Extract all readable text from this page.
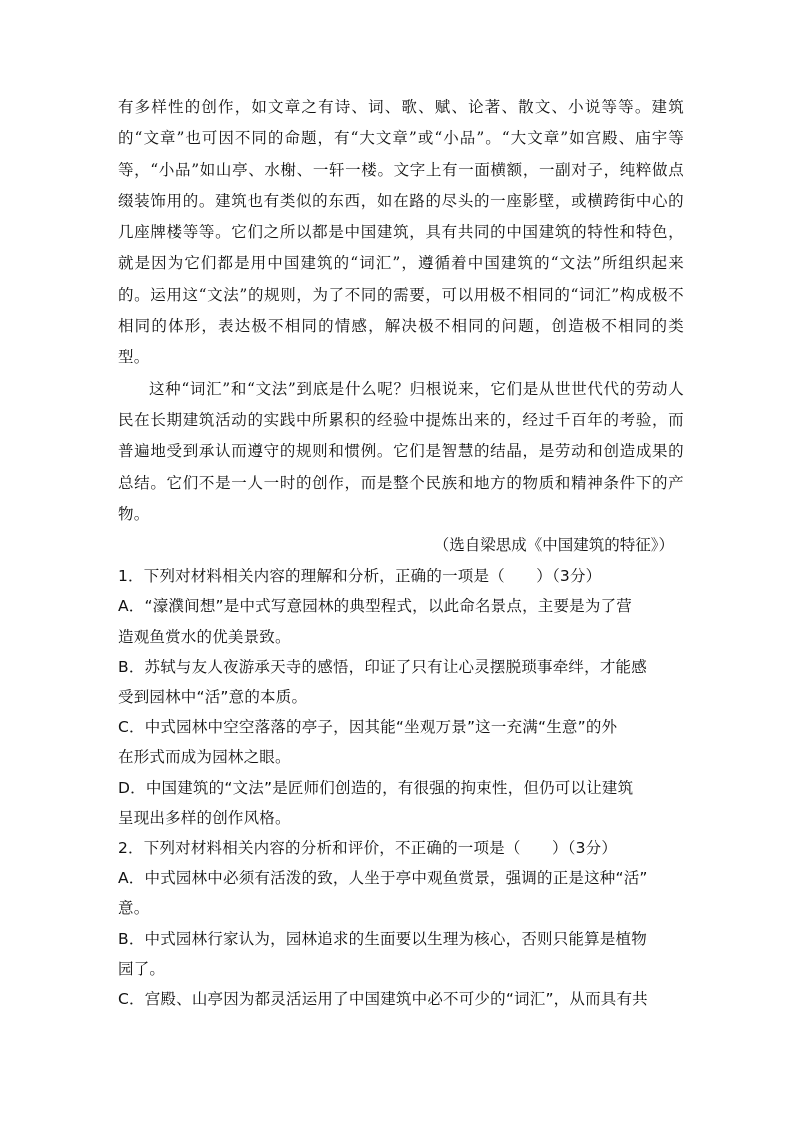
有多样性的创作，如文章之有诗、词、歌、赋、论著、散文、小说等等。建筑的“文章”也可因不同的命题，有“大文章”或“小品”。“大文章”如宫殿、庙宇等等，“小品”如山亭、水榭、一轩一楼。文字上有一面横额，一副对子，纯粹做点缀装饰用的。建筑也有类似的东西，如在路的尽头的一座影壁，或横跨街中心的几座牌楼等等。它们之所以都是中国建筑，具有共同的中国建筑的特性和特色，就是因为它们都是用中国建筑的“词汇”，遵循着中国建筑的“文法”所组织起来的。运用这“文法”的规则，为了不同的需要，可以用极不相同的“词汇”构成极不相同的体形，表达极不相同的情感，解决极不相同的问题，创造极不相同的类型。

这种“词汇”和“文法”到底是什么呢？归根说来，它们是从世世代代的劳动人民在长期建筑活动的实践中所累积的经验中提炼出来的，经过千百年的考验，而普遍地受到承认而遵守的规则和惯例。它们是智慧的结晶，是劳动和创造成果的总结。它们不是一人一时的创作，而是整个民族和地方的物质和精神条件下的产物。

（选自梁思成《中国建筑的特征》）
1．下列对材料相关内容的理解和分析，正确的一项是（　　）（3分）
A．“濠濮间想”是中式写意园林的典型程式，以此命名景点，主要是为了营
造观鱼赏水的优美景致。
B．苏轼与友人夜游承天寺的感悟，印证了只有让心灵摆脱琐事牵绊，才能感
受到园林中“活”意的本质。
C．中式园林中空空落落的亭子，因其能“坐观万景”这一充满“生意”的外
在形式而成为园林之眼。
D．中国建筑的“文法”是匠师们创造的，有很强的拘束性，但仍可以让建筑
呈现出多样的创作风格。
2．下列对材料相关内容的分析和评价，不正确的一项是（　　）（3分）
A．中式园林中必须有活泼的致，人坐于亭中观鱼赏景，强调的正是这种“活”
意。
B．中式园林行家认为，园林追求的生面要以生理为核心，否则只能算是植物
园了。
C．宫殿、山亭因为都灵活运用了中国建筑中必不可少的“词汇”，从而具有共
